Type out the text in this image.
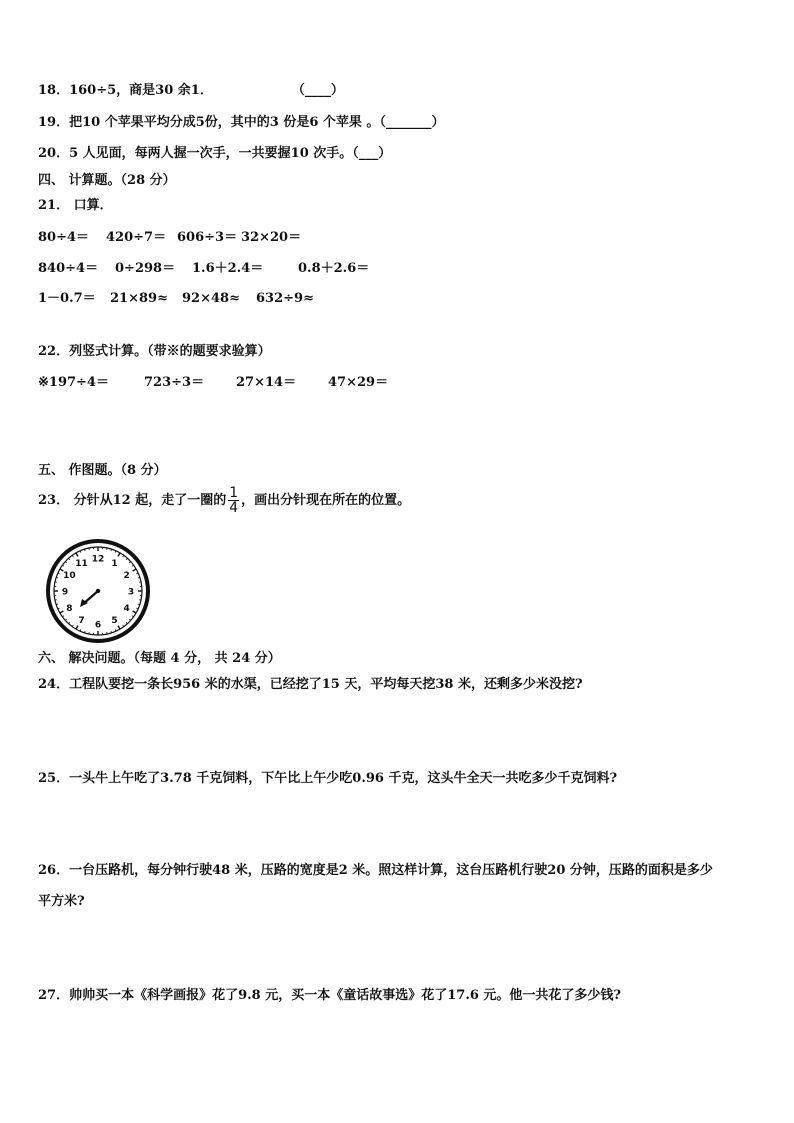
18．160÷5，商是30 余1．	（____）
19．把10 个苹果平均分成5份，其中的3 份是6 个苹果 。（_______）
20．5 人见面，每两人握一次手，一共要握10 次手。（___）
四、 计算题。（28 分）
21． 口算．
80÷4＝ 420÷7＝ 606÷3＝ 32×20＝
840÷4＝ 0÷298＝ 1.6＋2.4＝	0.8＋2.6＝
1－0.7＝ 21×89≈ 92×48≈ 632÷9≈
22．列竖式计算。（带※的题要求验算）
※197÷4＝	723÷3＝ 27×14＝ 47×29＝
五、 作图题。（8 分）
23． 分针从12 起，走了一圈的 $\frac{1}{4}$ ，画出分针现在所在的位置。
12 1
2
3
4
5
6
7
8
9
10
11
六、 解决问题。（每题 4 分， 共 24 分）
24．工程队要挖一条长956 米的水渠，已经挖了15 天，平均每天挖38 米，还剩多少米没挖?
25．一头牛上午吃了3.78 千克饲料，下午比上午少吃0.96 千克，这头牛全天一共吃多少千克饲料?
26．一台压路机，每分钟行驶48 米，压路的宽度是2 米。照这样计算，这台压路机行驶20 分钟，压路的面积是多少
平方米?
27．帅帅买一本《科学画报》花了9.8 元，买一本《童话故事选》花了17.6 元。他一共花了多少钱?
